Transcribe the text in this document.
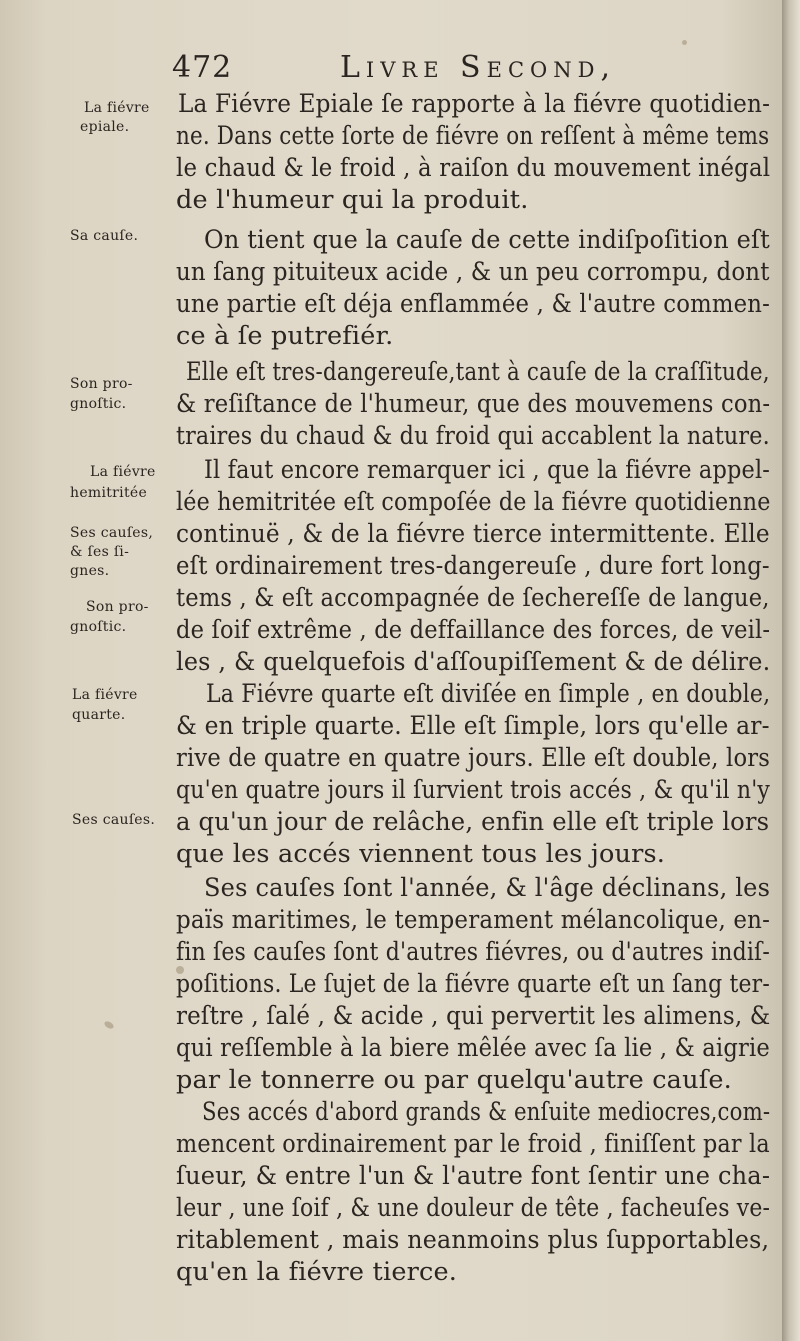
472	Livre Second,
La fiévre
epiale.
Sa cauſe.
Son pro-
gnoſtic.
La fiévre
hemitritée
Ses cauſes,
& ſes ſi-
gnes.
Son pro-
gnoſtic.
La fiévre
quarte.
Ses cauſes.
La Fiévre Epiale ſe rapporte à la fiévre quotidien-
ne. Dans cette ſorte de fiévre on reſſent à même tems
le chaud & le froid , à raiſon du mouvement inégal
de l'humeur qui la produit.
On tient que la cauſe de cette indiſpoſition eſt
un ſang pituiteux acide , & un peu corrompu, dont
une partie eſt déja enflammée , & l'autre commen-
ce à ſe putrefiér.
Elle eſt tres-dangereuſe,tant à cauſe de la craſſitude,
& reſiſtance de l'humeur, que des mouvemens con-
traires du chaud & du froid qui accablent la nature.
Il faut encore remarquer ici , que la fiévre appel-
lée hemitritée eſt compoſée de la fiévre quotidienne
continuë , & de la fiévre tierce intermittente. Elle
eſt ordinairement tres-dangereuſe , dure fort long-
tems , & eſt accompagnée de ſechereſſe de langue,
de ſoif extrême , de deffaillance des forces, de veil-
les , & quelquefois d'aſſoupiſſement & de délire.
La Fiévre quarte eſt diviſée en ſimple , en double,
& en triple quarte. Elle eſt ſimple, lors qu'elle ar-
rive de quatre en quatre jours. Elle eſt double, lors
qu'en quatre jours il ſurvient trois accés , & qu'il n'y
a qu'un jour de relâche, enfin elle eſt triple lors
que les accés viennent tous les jours.
Ses cauſes ſont l'année, & l'âge déclinans, les
païs maritimes, le temperament mélancolique, en-
fin ſes cauſes ſont d'autres fiévres, ou d'autres indiſ-
poſitions. Le ſujet de la fiévre quarte eſt un ſang ter-
reſtre , ſalé , & acide , qui pervertit les alimens, &
qui reſſemble à la biere mêlée avec ſa lie , & aigrie
par le tonnerre ou par quelqu'autre cauſe.
Ses accés d'abord grands & enſuite mediocres,com-
mencent ordinairement par le froid , finiſſent par la
ſueur, & entre l'un & l'autre font ſentir une cha-
leur , une ſoif , & une douleur de tête , facheuſes ve-
ritablement , mais neanmoins plus ſupportables,
qu'en la fiévre tierce.
